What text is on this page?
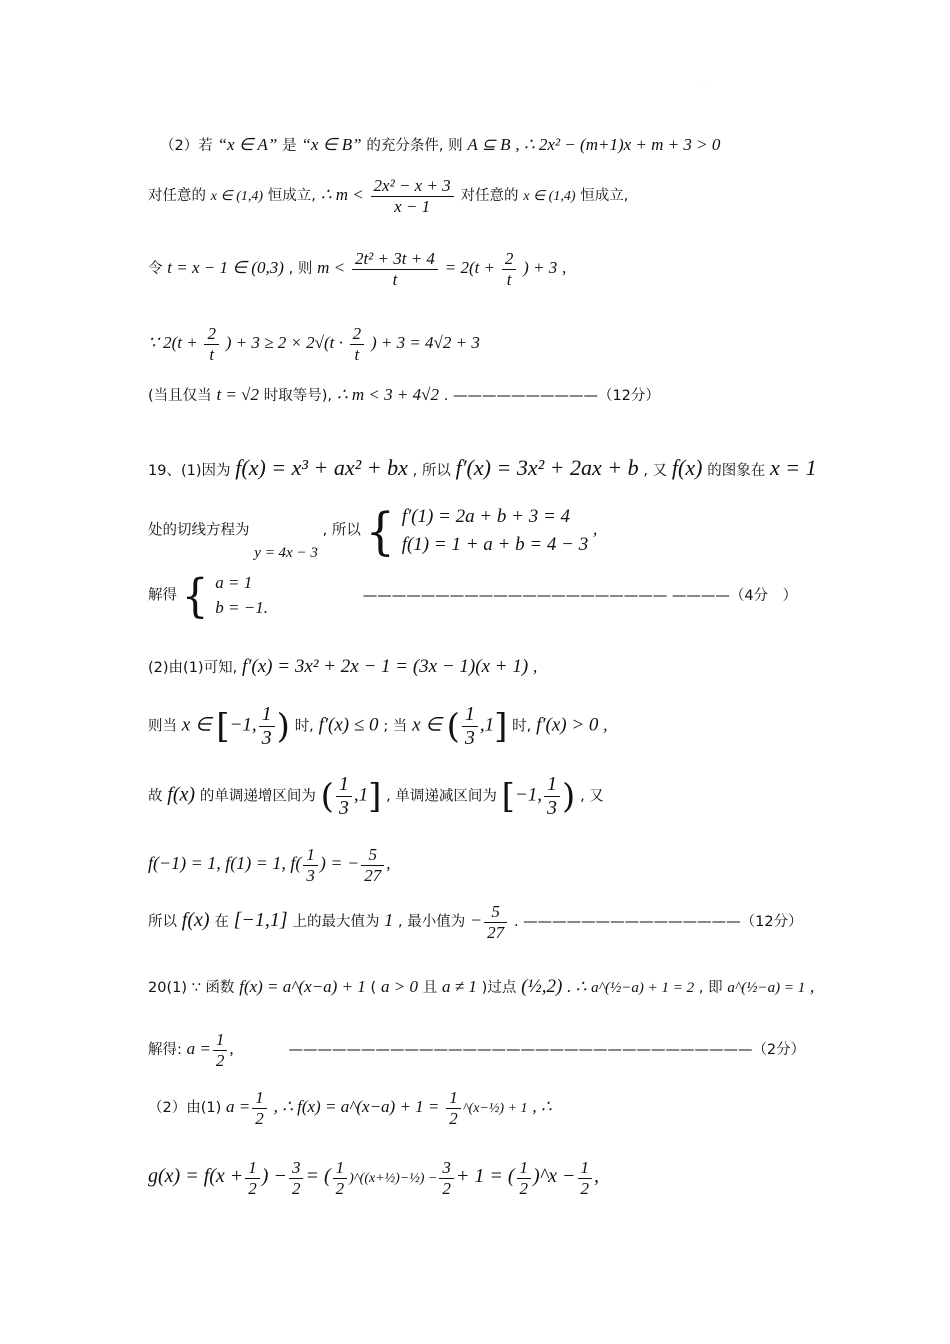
·
（2）若 “x ∈ A” 是 “x ∈ B” 的充分条件, 则 A ⊆ B , ∴ 2x² − (m+1)x + m + 3 > 0
对任意的 x ∈ (1,4) 恒成立, ∴ $m < \frac{\text{2x² − x + 3}}{x - 1}$ 对任意的 x ∈ (1,4) 恒成立,
令 t = x − 1 ∈ (0,3) , 则 $m < \frac{\text{2t² + 3t + 4}}{t} = 2(t + \frac{2}{t}$ ) + 3 ,
∵ $2(t + \frac{2}{t}$ ) + $3 \ge 2 \times 2√(t \cdot \frac{2}{t}$ ) + 3 = 4√2 + 3
(当且仅当 t = √2 时取等号), ∴ m < 3 + 4√2 . ——————————（12分）
19、(1)因为 f(x) = x³ + ax² + bx , 所以 f′(x) = 3x² + 2ax + b , 又 f(x) 的图象在 x = 1
处的切线方程为 y = 4x − 3 , 所以 { f′(1) = 2a + b + 3 = 4
f(1) = 1 + a + b = 4 − 3
,
解得 { a = 1
b = −1.
————————————————————— ————（4分　）
(2)由(1)可知, f′(x) = 3x² + 2x − 1 = (3x − 1)(x + 1) ,
则当 x ∈ [−1, $\frac{1}{3}$ ) 时, f′(x) ≤ 0 ; 当 x ∈ ( $\frac{1}{3} ,1$] 时, f′(x) > 0 ,
故 f(x) 的单调递增区间为 ( $\frac{1}{3} ,1$] , 单调递减区间为 [−1, $\frac{1}{3}$ ) , 又
f(−1) = 1, f(1) = 1, $f( \frac{1}{3}$ ) = − $\frac{5}{27}$ ,
所以 f(x) 在 [−1,1] 上的最大值为 1 , 最小值为 − $\frac{5}{27}$ . ———————————————（12分）
20(1) ∵ 函数 f(x) = a^(x−a) + 1 ( a > 0 且 a ≠ 1 )过点 (½,2) . ∴ a^(½−a) + 1 = 2 , 即 a^(½−a) = 1 ,
解得: $a = \frac{1}{2}$ ,	————————————————————————————————（2分）
（2）由(1) $a = \frac{1}{2}$ , ∴ f(x) = a^(x−a) + $1 = \frac{1}{2}$ ^(x−½) + 1 , ∴
$g(x) = f(x + \frac{1}{2}$ ) − $\frac{3}{2}$ = ( $\frac{1}{2}$ )^((x+½)−½) − $\frac{3}{2} + 1$ = ( $\frac{1}{2}$ )^x − $\frac{1}{2}$ ,
